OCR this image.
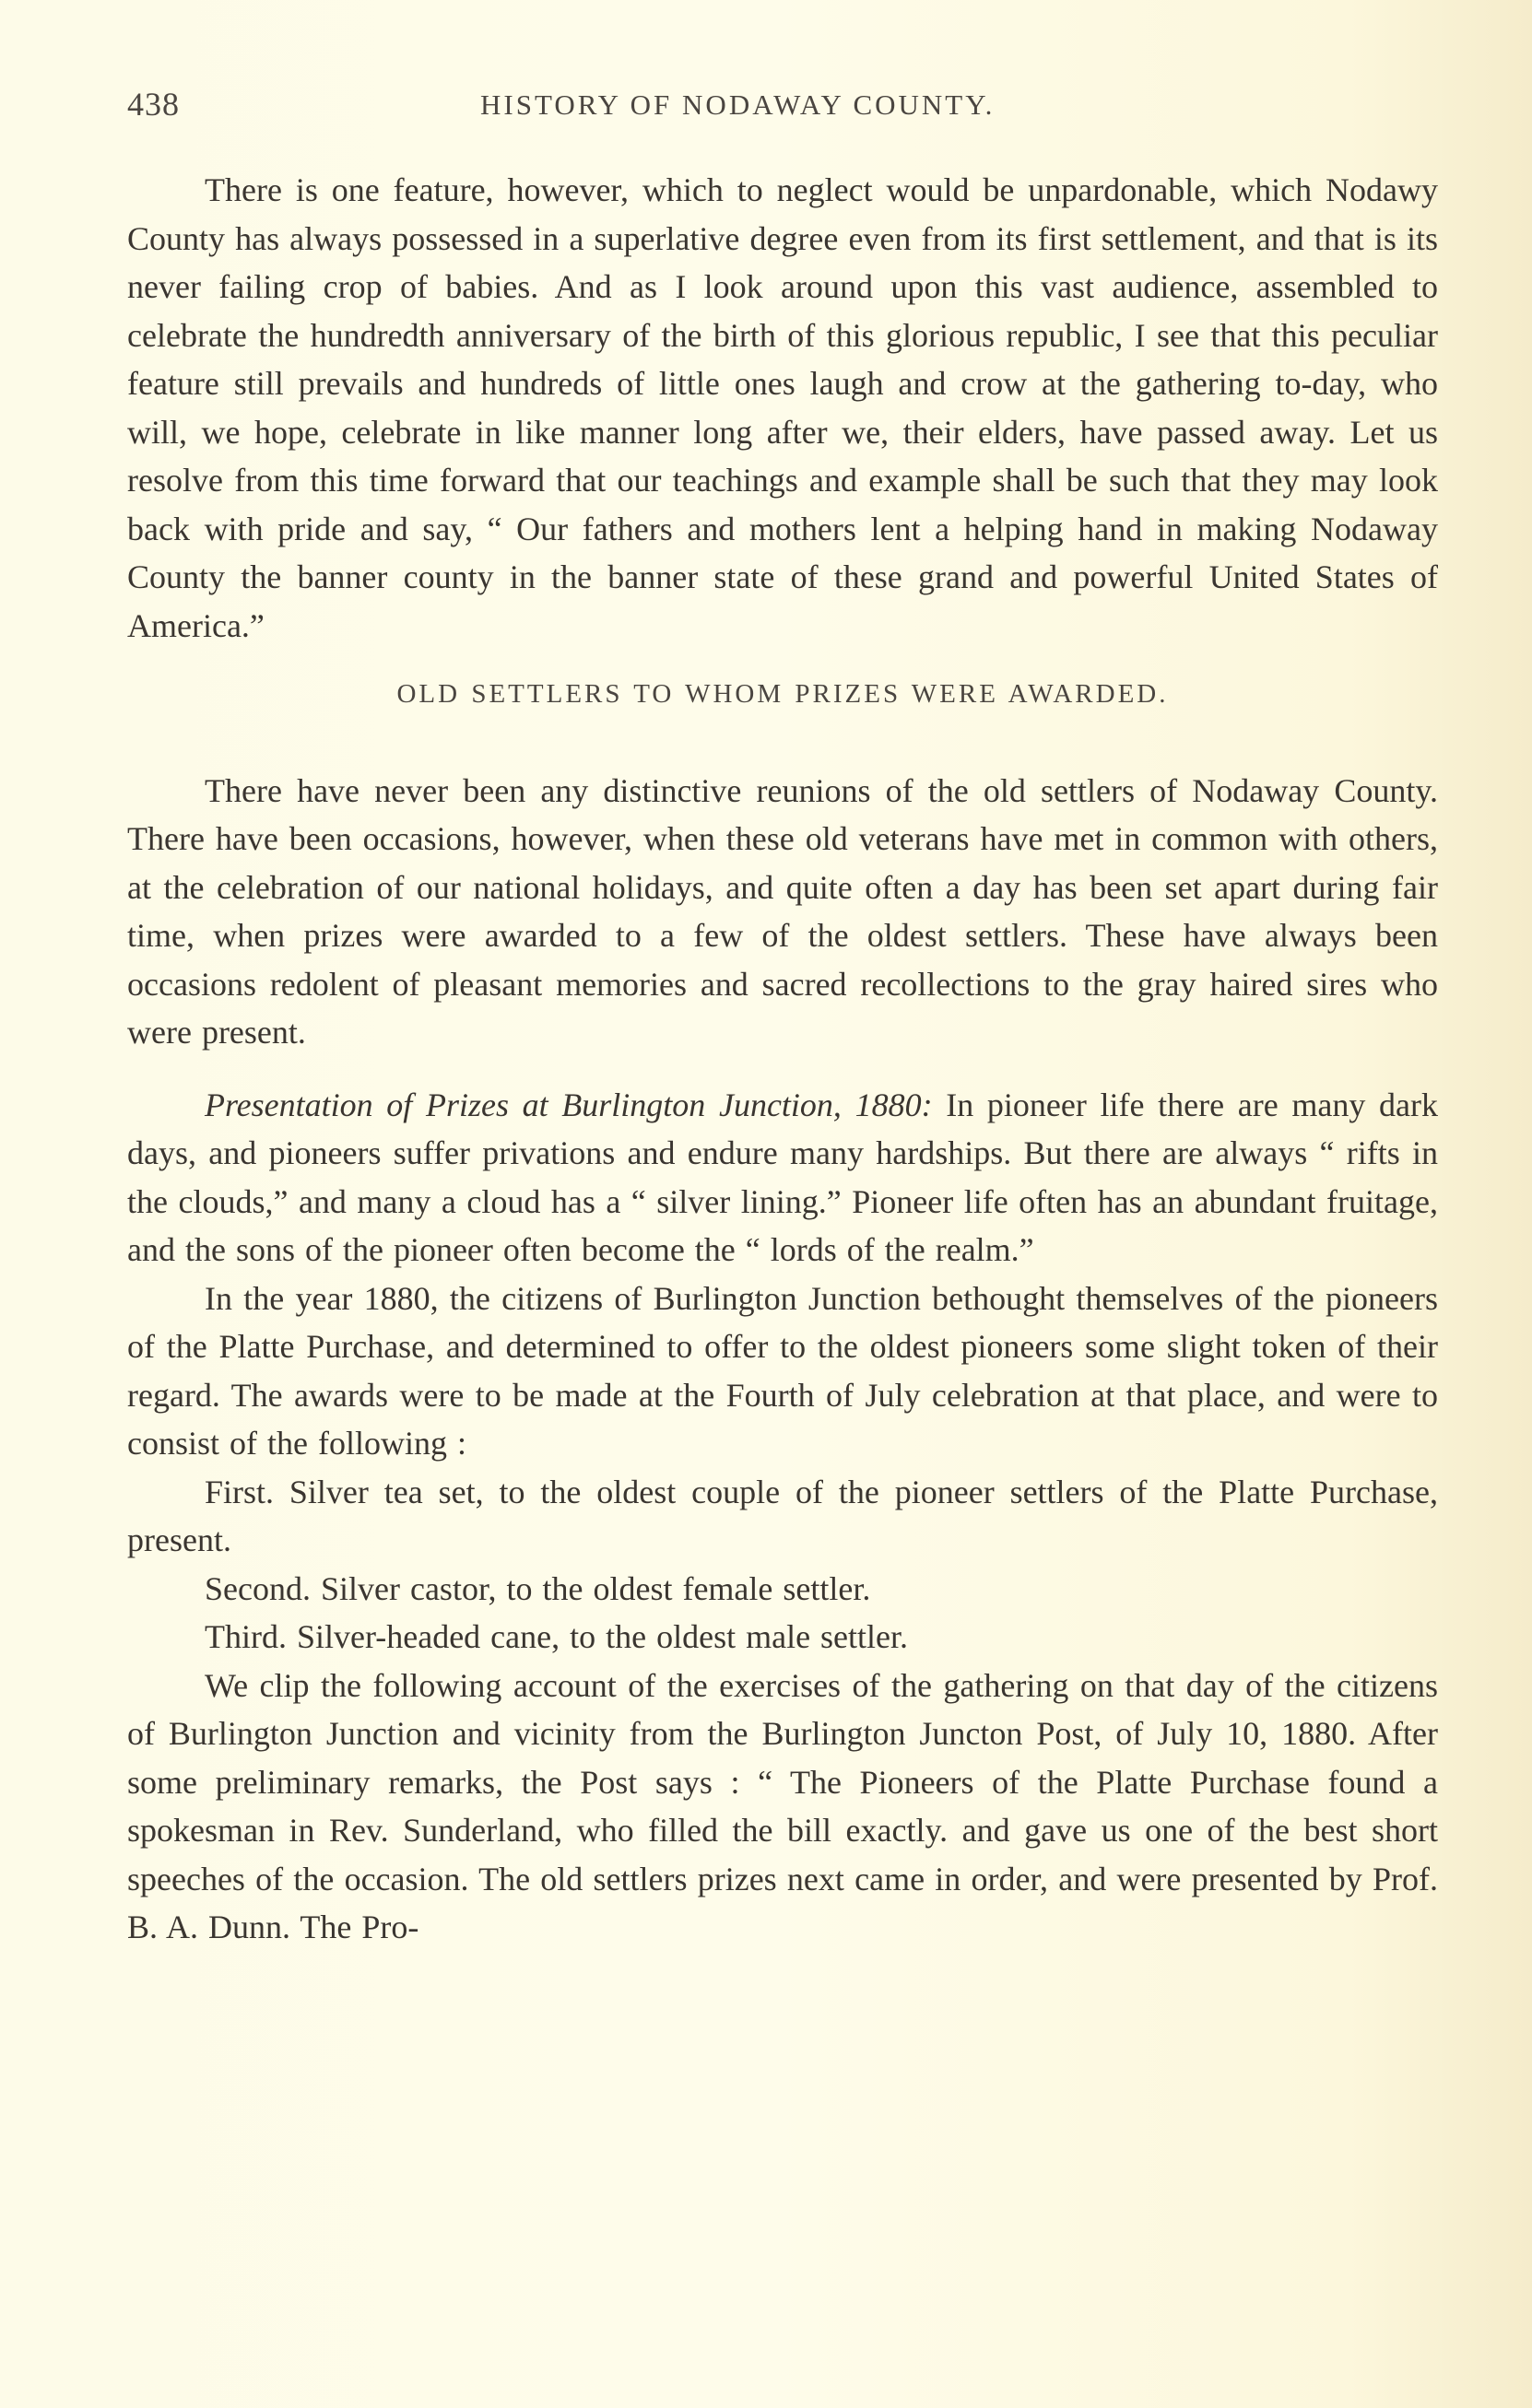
438	HISTORY OF NODAWAY COUNTY.

There is one feature, however, which to neglect would be unpardonable, which Nodawy County has always possessed in a superlative degree even from its first settlement, and that is its never failing crop of babies. And as I look around upon this vast audience, assembled to celebrate the hundredth anniversary of the birth of this glorious republic, I see that this peculiar feature still prevails and hundreds of little ones laugh and crow at the gathering to-day, who will, we hope, celebrate in like manner long after we, their elders, have passed away. Let us resolve from this time forward that our teachings and example shall be such that they may look back with pride and say, “ Our fathers and mothers lent a helping hand in making Nodaway County the banner county in the banner state of these grand and powerful United States of America.”

OLD SETTLERS TO WHOM PRIZES WERE AWARDED.

There have never been any distinctive reunions of the old settlers of Nodaway County. There have been occasions, however, when these old veterans have met in common with others, at the celebration of our national holidays, and quite often a day has been set apart during fair time, when prizes were awarded to a few of the oldest settlers. These have always been occasions redolent of pleasant memories and sacred recollections to the gray haired sires who were present.

Presentation of Prizes at Burlington Junction, 1880: In pioneer life there are many dark days, and pioneers suffer privations and endure many hardships. But there are always “ rifts in the clouds,” and many a cloud has a “ silver lining.” Pioneer life often has an abundant fruitage, and the sons of the pioneer often become the “ lords of the realm.”

In the year 1880, the citizens of Burlington Junction bethought themselves of the pioneers of the Platte Purchase, and determined to offer to the oldest pioneers some slight token of their regard. The awards were to be made at the Fourth of July celebration at that place, and were to consist of the following :

First. Silver tea set, to the oldest couple of the pioneer settlers of the Platte Purchase, present.

Second. Silver castor, to the oldest female settler.

Third. Silver-headed cane, to the oldest male settler.

We clip the following account of the exercises of the gathering on that day of the citizens of Burlington Junction and vicinity from the Burlington Juncton Post, of July 10, 1880. After some preliminary remarks, the Post says : “ The Pioneers of the Platte Purchase found a spokesman in Rev. Sunderland, who filled the bill exactly. and gave us one of the best short speeches of the occasion. The old settlers prizes next came in order, and were presented by Prof. B. A. Dunn. The Pro-
